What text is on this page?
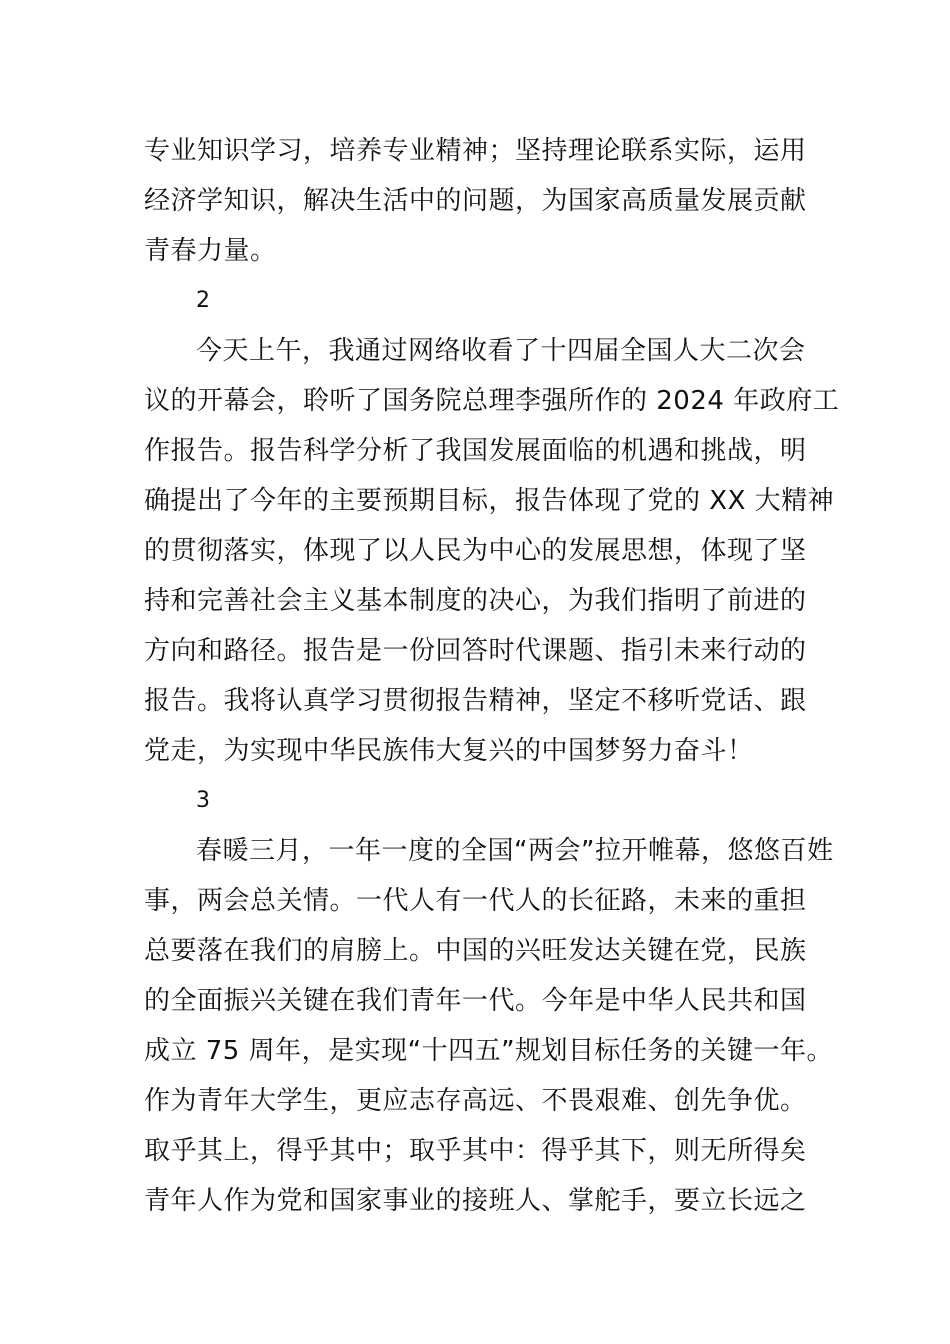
专业知识学习，培养专业精神；坚持理论联系实际，运用
经济学知识，解决生活中的问题，为国家高质量发展贡献
青春力量。
2
今天上午，我通过网络收看了十四届全国人大二次会
议的开幕会，聆听了国务院总理李强所作的 2024 年政府工
作报告。报告科学分析了我国发展面临的机遇和挑战，明
确提出了今年的主要预期目标，报告体现了党的 XX 大精神
的贯彻落实，体现了以人民为中心的发展思想，体现了坚
持和完善社会主义基本制度的决心，为我们指明了前进的
方向和路径。报告是一份回答时代课题、指引未来行动的
报告。我将认真学习贯彻报告精神，坚定不移听党话、跟
党走，为实现中华民族伟大复兴的中国梦努力奋斗！
3
春暖三月，一年一度的全国“两会”拉开帷幕，悠悠百姓
事，两会总关情。一代人有一代人的长征路，未来的重担
总要落在我们的肩膀上。中国的兴旺发达关键在党，民族
的全面振兴关键在我们青年一代。今年是中华人民共和国
成立 75 周年，是实现“十四五”规划目标任务的关键一年。
作为青年大学生，更应志存高远、不畏艰难、创先争优。
取乎其上，得乎其中；取乎其中：得乎其下，则无所得矣
青年人作为党和国家事业的接班人、掌舵手，要立长远之
